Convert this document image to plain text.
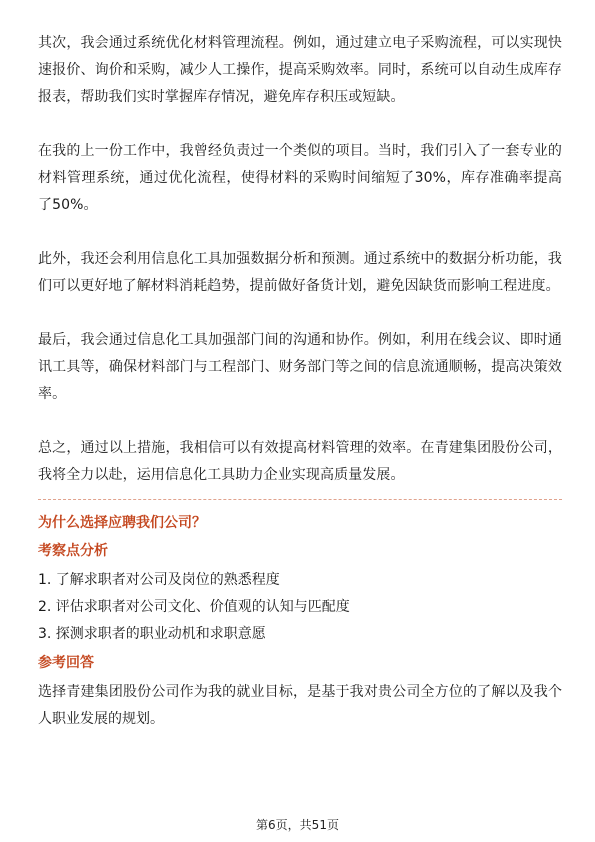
其次，我会通过系统优化材料管理流程。例如，通过建立电子采购流程，可以实现快速报价、询价和采购，减少人工操作，提高采购效率。同时，系统可以自动生成库存报表，帮助我们实时掌握库存情况，避免库存积压或短缺。

在我的上一份工作中，我曾经负责过一个类似的项目。当时，我们引入了一套专业的材料管理系统，通过优化流程，使得材料的采购时间缩短了30%，库存准确率提高了50%。

此外，我还会利用信息化工具加强数据分析和预测。通过系统中的数据分析功能，我们可以更好地了解材料消耗趋势，提前做好备货计划，避免因缺货而影响工程进度。

最后，我会通过信息化工具加强部门间的沟通和协作。例如，利用在线会议、即时通讯工具等，确保材料部门与工程部门、财务部门等之间的信息流通顺畅，提高决策效率。

总之，通过以上措施，我相信可以有效提高材料管理的效率。在青建集团股份公司，我将全力以赴，运用信息化工具助力企业实现高质量发展。

为什么选择应聘我们公司？
考察点分析
1. 了解求职者对公司及岗位的熟悉程度
2. 评估求职者对公司文化、价值观的认知与匹配度
3. 探测求职者的职业动机和求职意愿
参考回答

选择青建集团股份公司作为我的就业目标，是基于我对贵公司全方位的了解以及我个人职业发展的规划。

第6页，共51页
